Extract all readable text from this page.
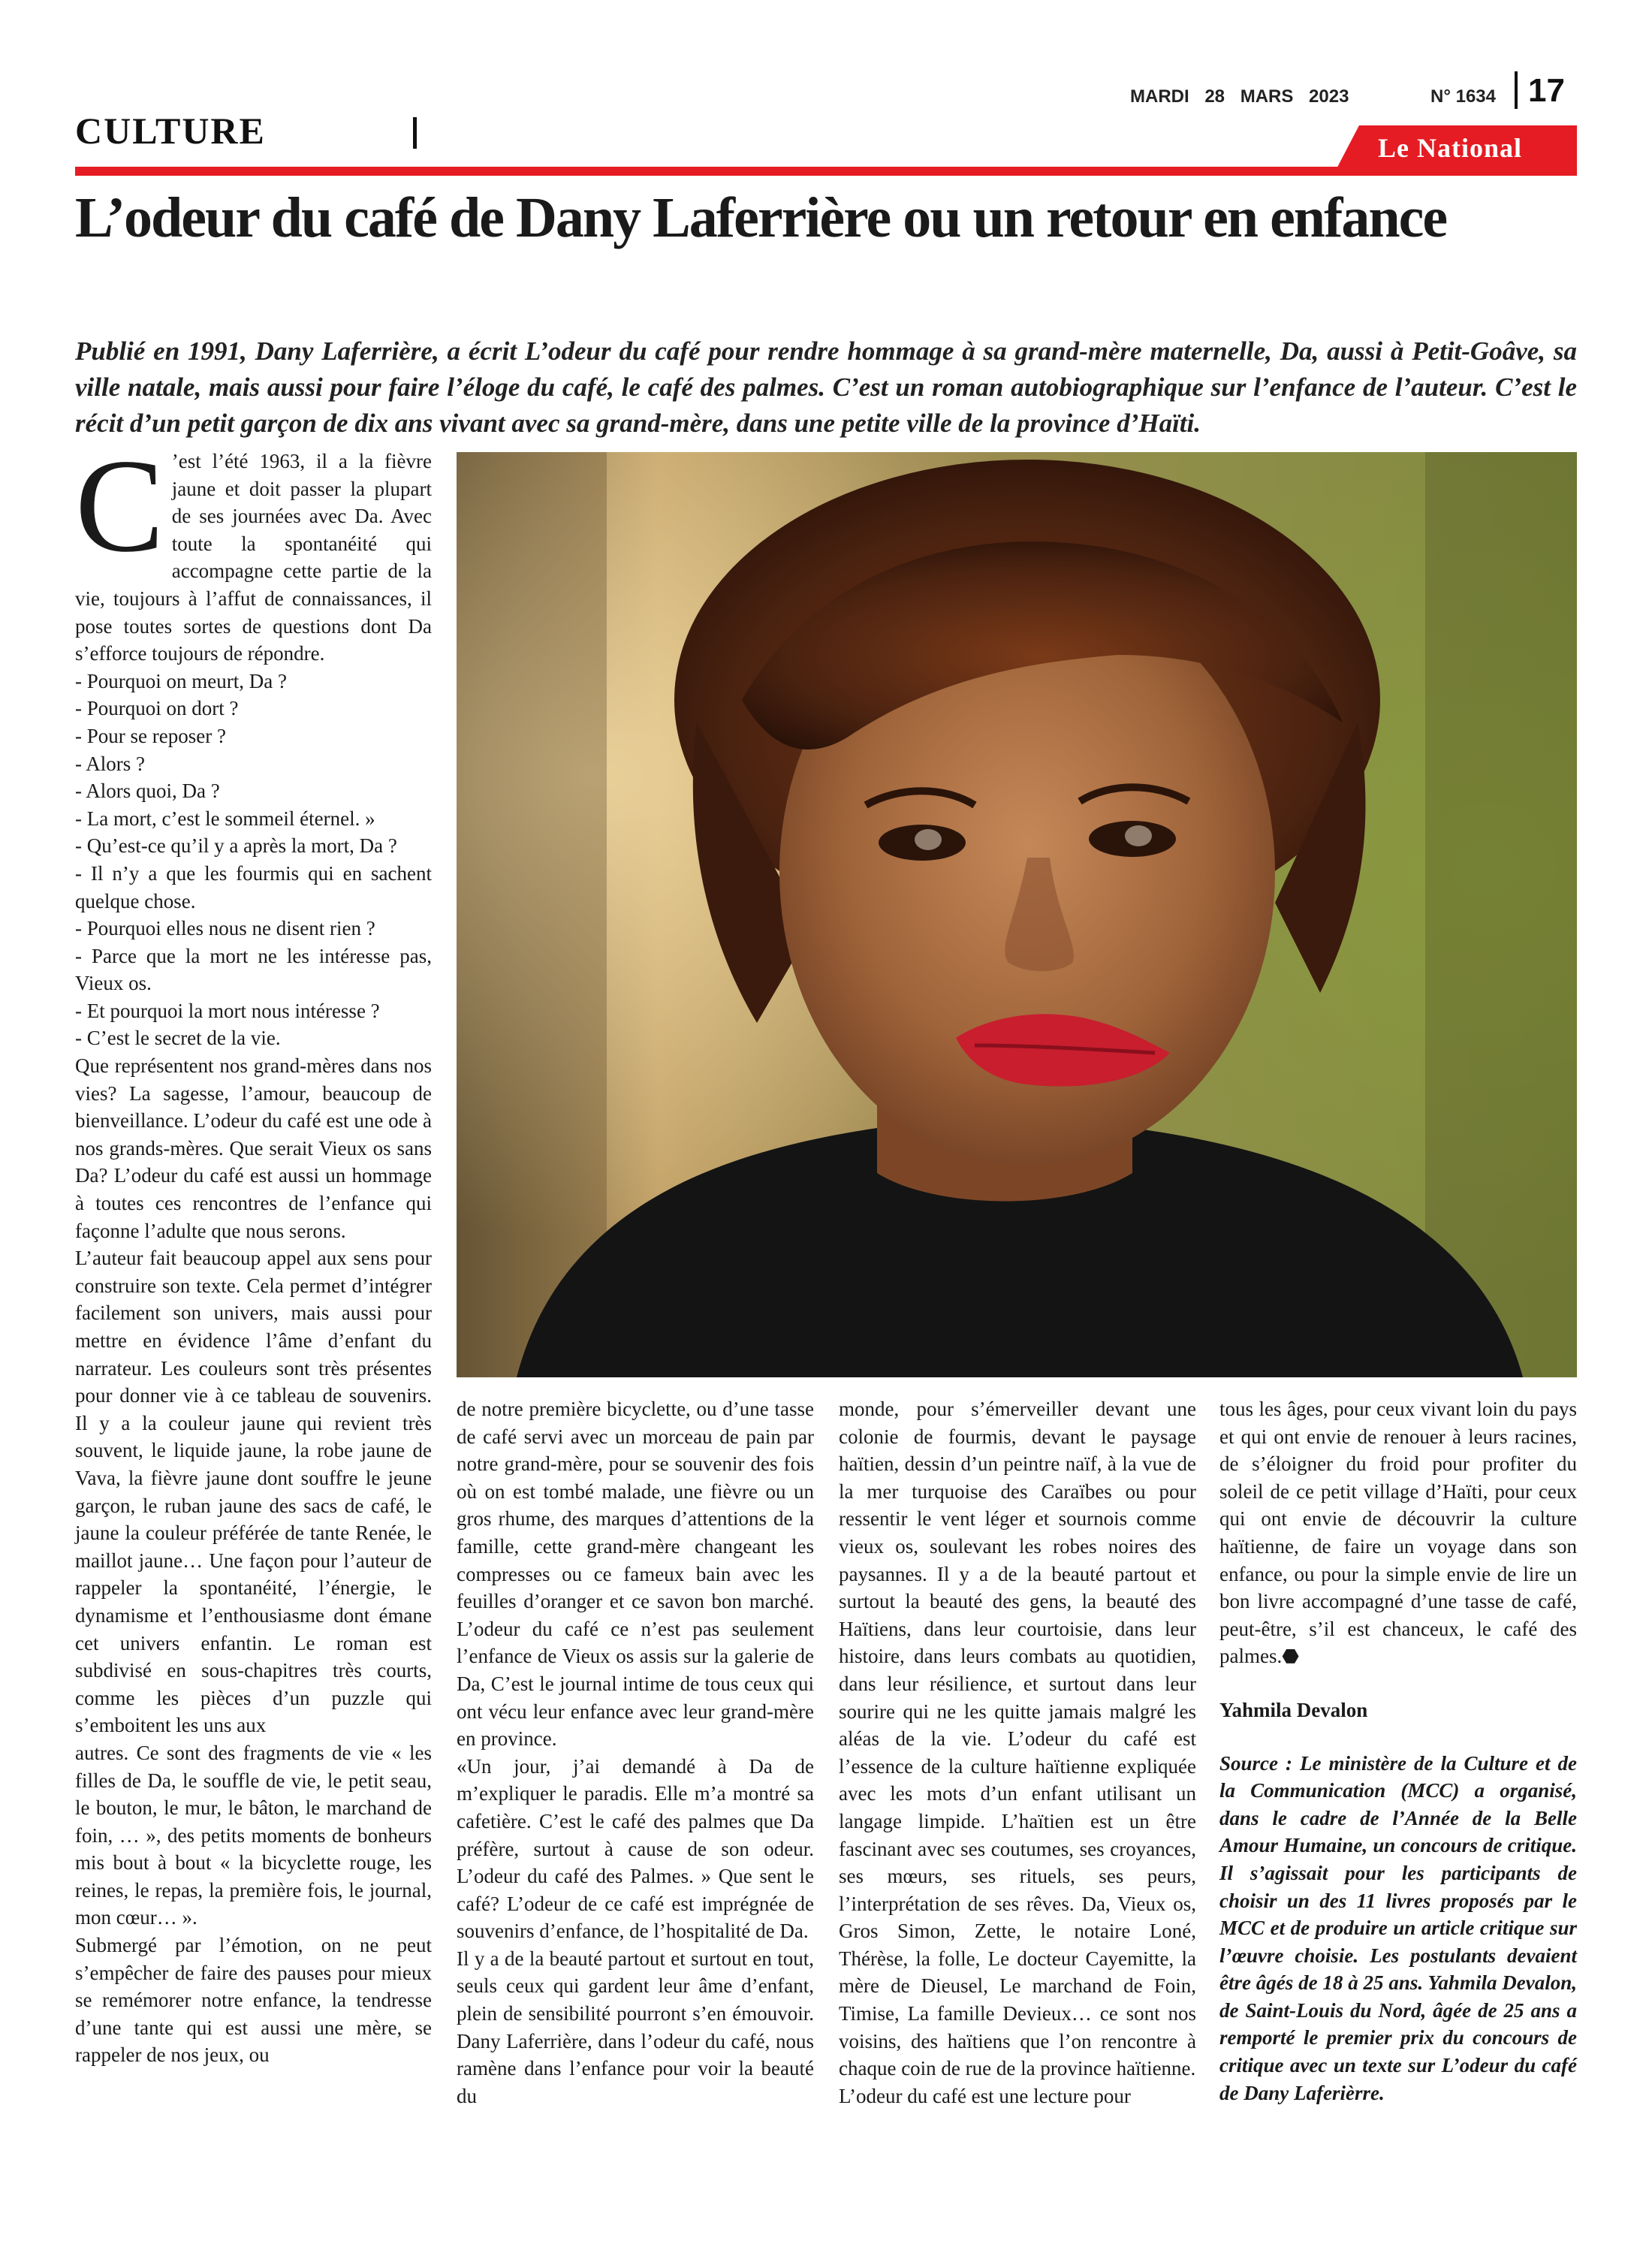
CULTURE
MARDI 28 MARS 2023	N° 1634 17
Le National
L’odeur du café de Dany Laferrière ou un retour en enfance
Publié en 1991, Dany Laferrière, a écrit L’odeur du café pour rendre hommage à sa grand-mère maternelle, Da, aussi à Petit-Goâve, sa ville natale, mais aussi pour faire l’éloge du café, le café des palmes. C’est un roman autobiographique sur l’enfance de l’auteur. C’est le récit d’un petit garçon de dix ans vivant avec sa grand-mère, dans une petite ville de la province d’Haïti.

C ’est l’été 1963, il a la fièvre jaune et doit passer la plupart de ses journées avec Da. Avec toute la spontanéité qui accompagne cette partie de la vie, toujours à l’affut de connaissances, il pose toutes sortes de questions dont Da s’efforce toujours de répondre.

- Pourquoi on meurt, Da ?

- Pourquoi on dort ?

- Pour se reposer ?

- Alors ?

- Alors quoi, Da ?

- La mort, c’est le sommeil éternel. »

- Qu’est-ce qu’il y a après la mort, Da ?

- Il n’y a que les fourmis qui en sachent quelque chose.

- Pourquoi elles nous ne disent rien ?

- Parce que la mort ne les intéresse pas, Vieux os.

- Et pourquoi la mort nous intéresse ?

- C’est le secret de la vie.

Que représentent nos grand-mères dans nos vies? La sagesse, l’amour, beaucoup de bienveillance. L’odeur du café est une ode à nos grands-mères. Que serait Vieux os sans Da? L’odeur du café est aussi un hommage à toutes ces rencontres de l’enfance qui façonne l’adulte que nous serons.

L’auteur fait beaucoup appel aux sens pour construire son texte. Cela permet d’intégrer facilement son univers, mais aussi pour mettre en évidence l’âme d’enfant du narrateur. Les couleurs sont très présentes pour donner vie à ce tableau de souvenirs. Il y a la couleur jaune qui revient très souvent, le liquide jaune, la robe jaune de Vava, la fièvre jaune dont souffre le jeune garçon, le ruban jaune des sacs de café, le jaune la couleur préférée de tante Renée, le maillot jaune… Une façon pour l’auteur de rappeler la spontanéité, l’énergie, le dynamisme et l’enthousiasme dont émane cet univers enfantin. Le roman est subdivisé en sous-chapitres très courts, comme les pièces d’un puzzle qui s’emboitent les uns aux

autres. Ce sont des fragments de vie « les filles de Da, le souffle de vie, le petit seau, le bouton, le mur, le bâton, le marchand de foin, … », des petits moments de bonheurs mis bout à bout « la bicyclette rouge, les reines, le repas, la première fois, le journal, mon cœur… ».

Submergé par l’émotion, on ne peut s’empêcher de faire des pauses pour mieux se remémorer notre enfance, la tendresse d’une tante qui est aussi une mère, se rappeler de nos jeux, ou

de notre première bicyclette, ou d’une tasse de café servi avec un morceau de pain par notre grand-mère, pour se souvenir des fois où on est tombé malade, une fièvre ou un gros rhume, des marques d’attentions de la famille, cette grand-mère changeant les compresses ou ce fameux bain avec les feuilles d’oranger et ce savon bon marché. L’odeur du café ce n’est pas seulement l’enfance de Vieux os assis sur la galerie de Da, C’est le journal intime de tous ceux qui ont vécu leur enfance avec leur grand-mère en province.

«Un jour, j’ai demandé à Da de m’expliquer le paradis. Elle m’a montré sa cafetière. C’est le café des palmes que Da préfère, surtout à cause de son odeur. L’odeur du café des Palmes. » Que sent le café? L’odeur de ce café est imprégnée de souvenirs d’enfance, de l’hospitalité de Da.

Il y a de la beauté partout et surtout en tout, seuls ceux qui gardent leur âme d’enfant, plein de sensibilité pourront s’en émouvoir. Dany Laferrière, dans l’odeur du café, nous ramène dans l’enfance pour voir la beauté du

monde, pour s’émerveiller devant une colonie de fourmis, devant le paysage haïtien, dessin d’un peintre naïf, à la vue de la mer turquoise des Caraïbes ou pour ressentir le vent léger et sournois comme vieux os, soulevant les robes noires des paysannes. Il y a de la beauté partout et surtout la beauté des gens, la beauté des Haïtiens, dans leur courtoisie, dans leur histoire, dans leurs combats au quotidien, dans leur résilience, et surtout dans leur sourire qui ne les quitte jamais malgré les aléas de la vie. L’odeur du café est l’essence de la culture haïtienne expliquée avec les mots d’un enfant utilisant un langage limpide. L’haïtien est un être fascinant avec ses coutumes, ses croyances, ses mœurs, ses rituels, ses peurs, l’interprétation de ses rêves. Da, Vieux os, Gros Simon, Zette, le notaire Loné, Thérèse, la folle, Le docteur Cayemitte, la mère de Dieusel, Le marchand de Foin, Timise, La famille Devieux… ce sont nos voisins, des haïtiens que l’on rencontre à chaque coin de rue de la province haïtienne.

L’odeur du café est une lecture pour

tous les âges, pour ceux vivant loin du pays et qui ont envie de renouer à leurs racines, de s’éloigner du froid pour profiter du soleil de ce petit village d’Haïti, pour ceux qui ont envie de découvrir la culture haïtienne, de faire un voyage dans son enfance, ou pour la simple envie de lire un bon livre accompagné d’une tasse de café, peut-être, s’il est chanceux, le café des palmes.⬣

Yahmila Devalon

Source : Le ministère de la Culture et de la Communication (MCC) a organisé, dans le cadre de l’Année de la Belle Amour Humaine, un concours de critique. Il s’agissait pour les participants de choisir un des 11 livres proposés par le MCC et de produire un article critique sur l’œuvre choisie. Les postulants devaient être âgés de 18 à 25 ans. Yahmila Devalon, de Saint-Louis du Nord, âgée de 25 ans a remporté le premier prix du concours de critique avec un texte sur L’odeur du café de Dany Laferièrre.
